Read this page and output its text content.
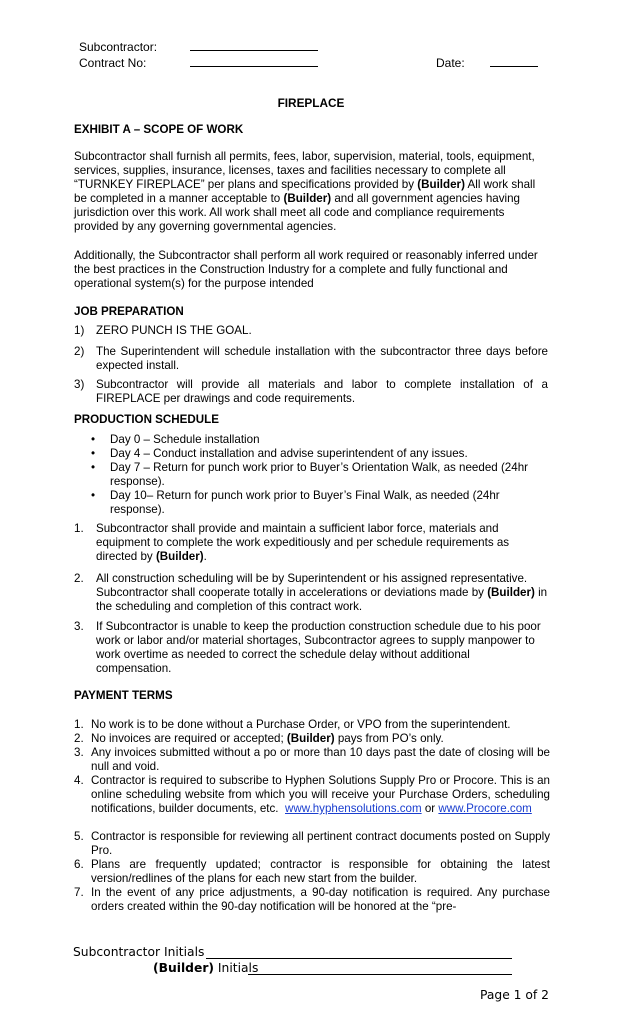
Subcontractor:
Contract No:	Date:
FIREPLACE
EXHIBIT A – SCOPE OF WORK
Subcontractor shall furnish all permits, fees, labor, supervision, material, tools, equipment, services, supplies, insurance, licenses, taxes and facilities necessary to complete all “TURNKEY FIREPLACE” per plans and specifications provided by (Builder) All work shall be completed in a manner acceptable to (Builder) and all government agencies having jurisdiction over this work. All work shall meet all code and compliance requirements provided by any governing governmental agencies.
Additionally, the Subcontractor shall perform all work required or reasonably inferred under the best practices in the Construction Industry for a complete and fully functional and operational system(s) for the purpose intended
JOB PREPARATION
1)	ZERO PUNCH IS THE GOAL.
2)	The Superintendent will schedule installation with the subcontractor three days before expected install.
3)	Subcontractor will provide all materials and labor to complete installation of a FIREPLACE per drawings and code requirements.
PRODUCTION SCHEDULE
• Day 0 – Schedule installation
• Day 4 – Conduct installation and advise superintendent of any issues.
• Day 7 – Return for punch work prior to Buyer’s Orientation Walk, as needed (24hr response).
• Day 10– Return for punch work prior to Buyer’s Final Walk, as needed (24hr response).
1.	Subcontractor shall provide and maintain a sufficient labor force, materials and equipment to complete the work expeditiously and per schedule requirements as directed by (Builder).
2.	All construction scheduling will be by Superintendent or his assigned representative. Subcontractor shall cooperate totally in accelerations or deviations made by (Builder) in the scheduling and completion of this contract work.
3.	If Subcontractor is unable to keep the production construction schedule due to his poor work or labor and/or material shortages, Subcontractor agrees to supply manpower to work overtime as needed to correct the schedule delay without additional compensation.
PAYMENT TERMS
1. No work is to be done without a Purchase Order, or VPO from the superintendent.
2. No invoices are required or accepted; (Builder) pays from PO’s only.
3. Any invoices submitted without a po or more than 10 days past the date of closing will be null and void.
4. Contractor is required to subscribe to Hyphen Solutions Supply Pro or Procore. This is an online scheduling website from which you will receive your Purchase Orders, scheduling notifications, builder documents, etc. www.hyphensolutions.com or www.Procore.com
5. Contractor is responsible for reviewing all pertinent contract documents posted on Supply Pro.
6. Plans are frequently updated; contractor is responsible for obtaining the latest version/redlines of the plans for each new start from the builder.
7. In the event of any price adjustments, a 90-day notification is required. Any purchase orders created within the 90-day notification will be honored at the “pre-
Subcontractor Initials
(Builder) Initials
Page 1 of 2
